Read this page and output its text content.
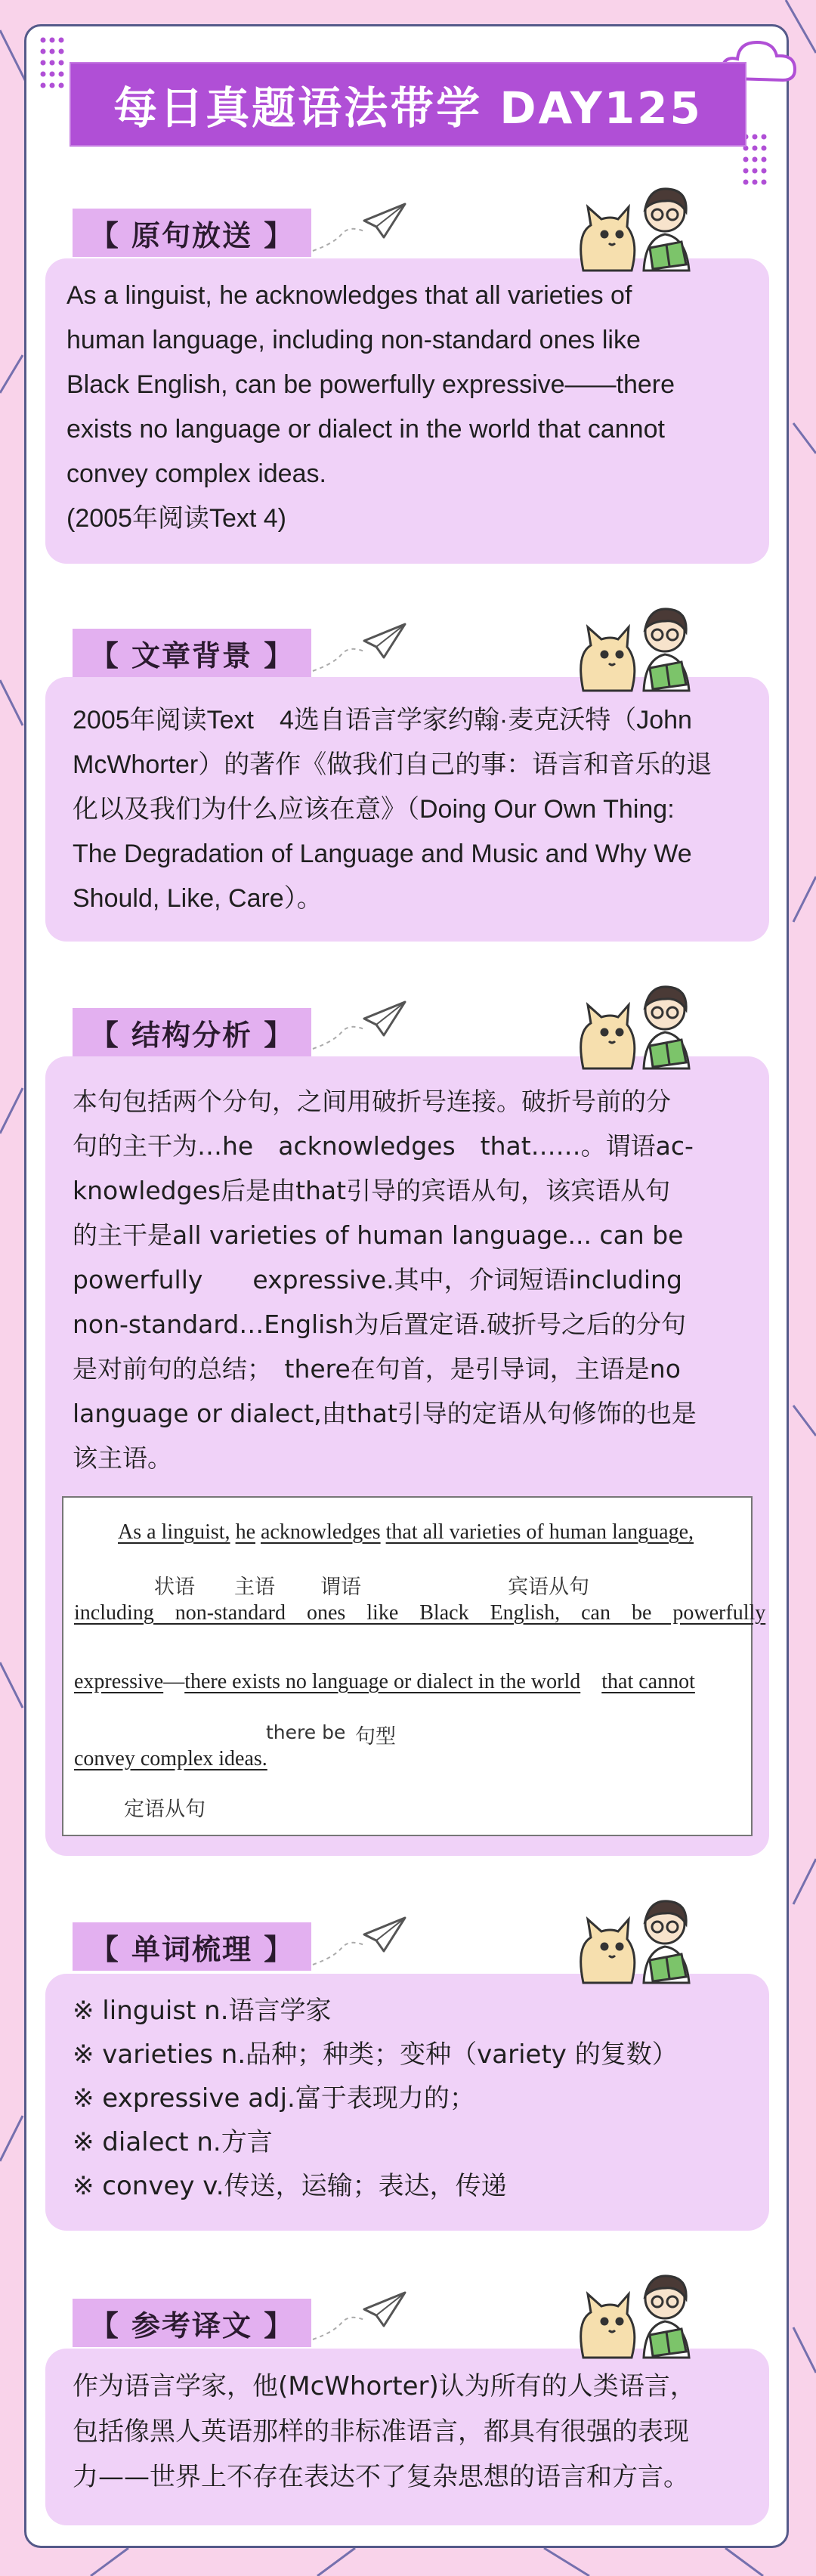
每日真题语法带学 DAY125
【 原句放送 】

As a linguist, he acknowledges that all varieties of

human language, including non-standard ones like

Black English, can be powerfully expressive——there

exists no language or dialect in the world that cannot

convey complex ideas.

(2005年阅读Text 4)

【 文章背景 】

2005年阅读Text　4选自语言学家约翰·麦克沃特（John

McWhorter）的著作《做我们自己的事：语言和音乐的退

化以及我们为什么应该在意》（Doing Our Own Thing:

The Degradation of Language and Music and Why We

Should, Like, Care）。

【 结构分析 】

本句包括两个分句，之间用破折号连接。破折号前的分

句的主干为…he　acknowledges　that……。谓语ac-

knowledges后是由that引导的宾语从句，该宾语从句

的主干是all varieties of human language... can be

powerfully　　expressive.其中，介词短语including

non-standard…English为后置定语.破折号之后的分句

是对前句的总结；　there在句首，是引导词，主语是no

language or dialect,由that引导的定语从句修饰的也是

该主语。

As a linguist, he acknowledges that all varieties of human language,
状语 主语 谓语	宾语从句
including　non-standard　ones　like　Black　English,　can　be　powerfully
expressive—there exists no language or dialect in the world that cannot
there be 句型
convey complex ideas.
定语从句
【 单词梳理 】
※ linguist n.语言学家
※ varieties n.品种；种类；变种（variety 的复数）
※ expressive adj.富于表现力的；
※ dialect n.方言
※ convey v.传送，运输；表达，传递
【 参考译文 】

作为语言学家，他(McWhorter)认为所有的人类语言，

包括像黑人英语那样的非标准语言，都具有很强的表现

力——世界上不存在表达不了复杂思想的语言和方言。
